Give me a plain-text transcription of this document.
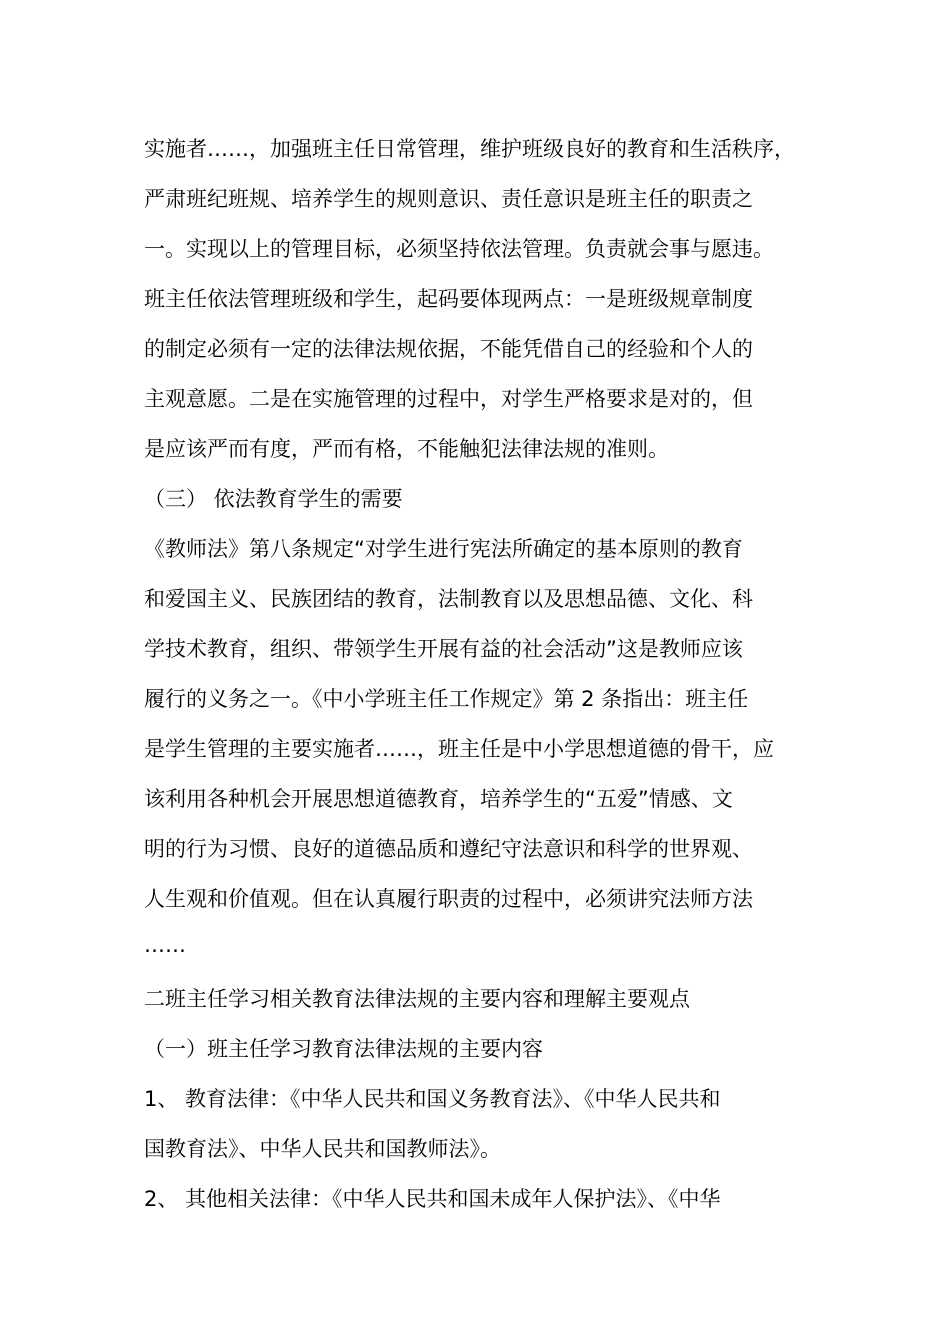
实施者……，加强班主任日常管理，维护班级良好的教育和生活秩序，
严肃班纪班规、培养学生的规则意识、责任意识是班主任的职责之
一。实现以上的管理目标，必须坚持依法管理。负责就会事与愿违。
班主任依法管理班级和学生，起码要体现两点：一是班级规章制度
的制定必须有一定的法律法规依据，不能凭借自己的经验和个人的
主观意愿。二是在实施管理的过程中，对学生严格要求是对的，但
是应该严而有度，严而有格，不能触犯法律法规的准则。
（三） 依法教育学生的需要
《教师法》第八条规定“对学生进行宪法所确定的基本原则的教育
和爱国主义、民族团结的教育，法制教育以及思想品德、文化、科
学技术教育，组织、带领学生开展有益的社会活动”这是教师应该
履行的义务之一。《中小学班主任工作规定》第 2 条指出：班主任
是学生管理的主要实施者……，班主任是中小学思想道德的骨干，应
该利用各种机会开展思想道德教育，培养学生的“五爱”情感、文
明的行为习惯、良好的道德品质和遵纪守法意识和科学的世界观、
人生观和价值观。但在认真履行职责的过程中，必须讲究法师方法
……
二班主任学习相关教育法律法规的主要内容和理解主要观点
（一）班主任学习教育法律法规的主要内容
1、 教育法律：《中华人民共和国义务教育法》、《中华人民共和
国教育法》、中华人民共和国教师法》。
2、 其他相关法律：《中华人民共和国未成年人保护法》、《中华
